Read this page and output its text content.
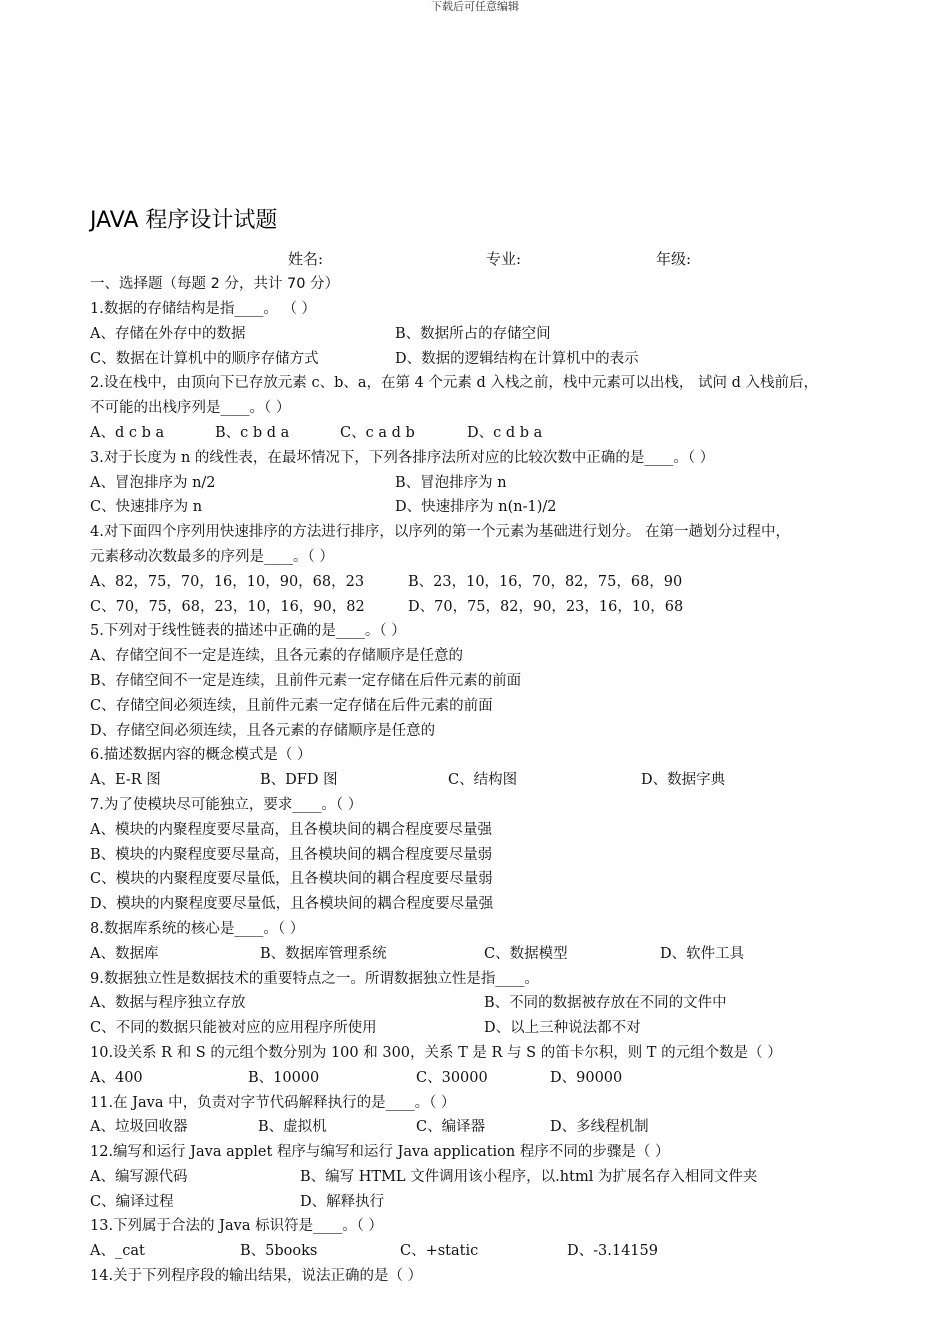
下载后可任意编辑
JAVA 程序设计试题
姓名:	专业:	年级:
一、选择题（每题 2 分，共计 70 分）
1.数据的存储结构是指____。 （ ）
A、存储在外存中的数据	B、数据所占的存储空间
C、数据在计算机中的顺序存储方式	D、数据的逻辑结构在计算机中的表示
2.设在栈中，由顶向下已存放元素 c、b、a，在第 4 个元素 d 入栈之前，栈中元素可以出栈， 试问 d 入栈前后，
不可能的出栈序列是____。（ ）
A、d c b a	B、c b d a	C、c a d b	D、c d b a
3.对于长度为 n 的线性表，在最坏情况下，下列各排序法所对应的比较次数中正确的是____。（ ）
A、冒泡排序为 n/2	B、冒泡排序为 n
C、快速排序为 n	D、快速排序为 n(n-1)/2
4.对下面四个序列用快速排序的方法进行排序，以序列的第一个元素为基础进行划分。 在第一趟划分过程中，
元素移动次数最多的序列是____。（ ）
A、82，75，70，16，10，90，68，23	B、23，10，16，70，82，75，68，90
C、70，75，68，23，10，16，90，82	D、70，75，82，90，23，16，10，68
5.下列对于线性链表的描述中正确的是____。（ ）
A、存储空间不一定是连续，且各元素的存储顺序是任意的
B、存储空间不一定是连续，且前件元素一定存储在后件元素的前面
C、存储空间必须连续，且前件元素一定存储在后件元素的前面
D、存储空间必须连续，且各元素的存储顺序是任意的
6.描述数据内容的概念模式是（ ）
A、E-R 图	B、DFD 图	C、结构图	D、数据字典
7.为了使模块尽可能独立，要求____。（ ）
A、模块的内聚程度要尽量高，且各模块间的耦合程度要尽量强
B、模块的内聚程度要尽量高，且各模块间的耦合程度要尽量弱
C、模块的内聚程度要尽量低，且各模块间的耦合程度要尽量弱
D、模块的内聚程度要尽量低，且各模块间的耦合程度要尽量强
8.数据库系统的核心是____。（ ）
A、数据库	B、数据库管理系统	C、数据模型	D、软件工具
9.数据独立性是数据技术的重要特点之一。所谓数据独立性是指____。
A、数据与程序独立存放	B、不同的数据被存放在不同的文件中
C、不同的数据只能被对应的应用程序所使用	D、以上三种说法都不对
10.设关系 R 和 S 的元组个数分别为 100 和 300，关系 T 是 R 与 S 的笛卡尔积，则 T 的元组个数是（ ）
A、400	B、10000	C、30000	D、90000
11.在 Java 中，负责对字节代码解释执行的是____。（ ）
A、垃圾回收器	B、虚拟机	C、编译器	D、多线程机制
12.编写和运行 Java applet 程序与编写和运行 Java application 程序不同的步骤是（ ）
A、编写源代码	B、编写 HTML 文件调用该小程序，以.html 为扩展名存入相同文件夹
C、编译过程	D、解释执行
13.下列属于合法的 Java 标识符是____。（ ）
A、_cat	B、5books	C、+static	D、-3.14159
14.关于下列程序段的输出结果，说法正确的是（ ）
